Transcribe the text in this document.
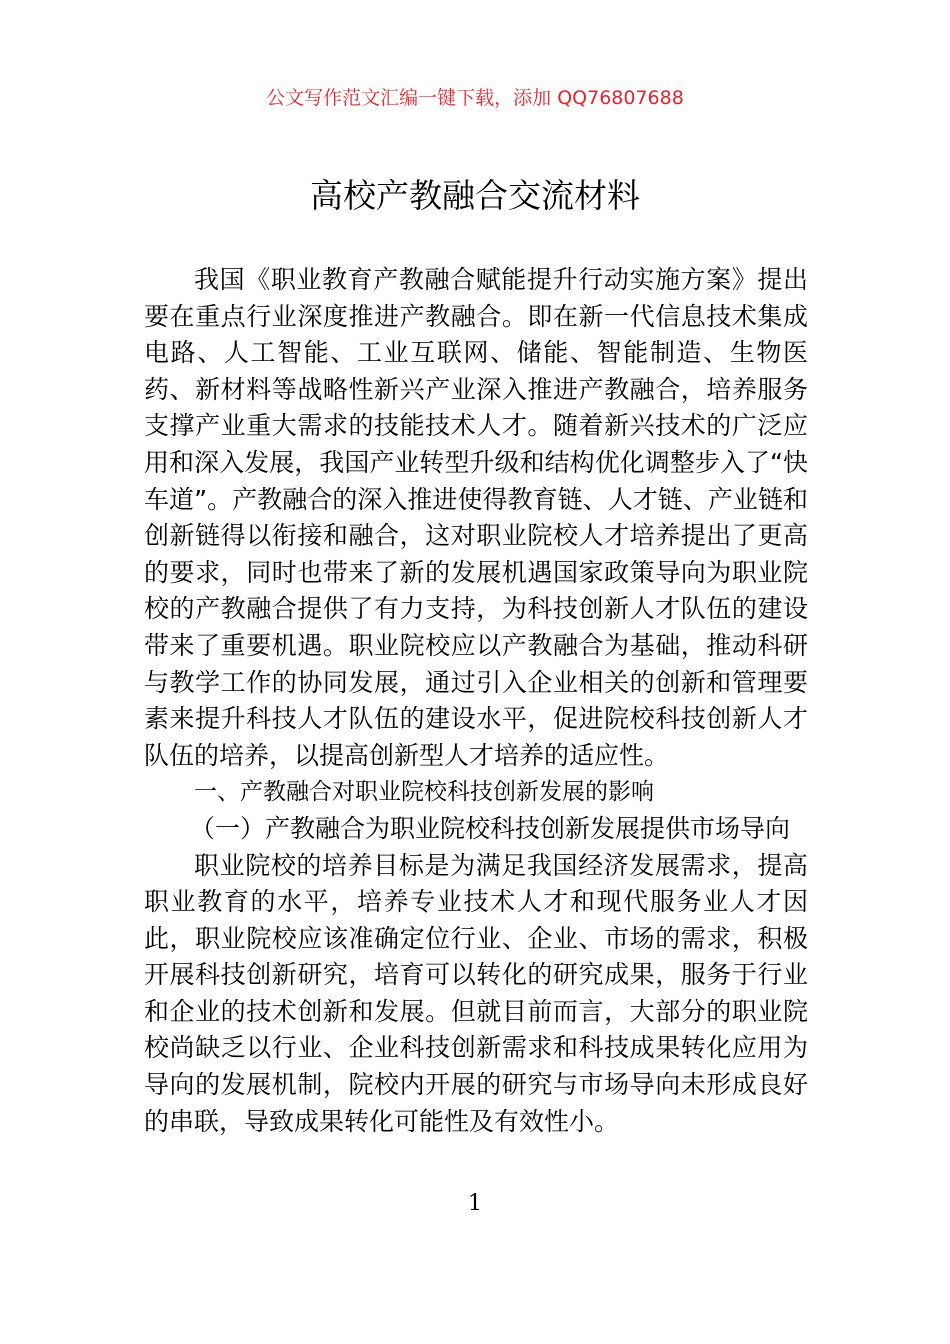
公文写作范文汇编一键下载，添加 QQ76807688
高校产教融合交流材料

我国《职业教育产教融合赋能提升行动实施方案》提出要在重点行业深度推进产教融合。即在新一代信息技术集成电路、人工智能、工业互联网、储能、智能制造、生物医药、新材料等战略性新兴产业深入推进产教融合，培养服务支撑产业重大需求的技能技术人才。随着新兴技术的广泛应用和深入发展，我国产业转型升级和结构优化调整步入了“快车道”。产教融合的深入推进使得教育链、人才链、产业链和创新链得以衔接和融合，这对职业院校人才培养提出了更高的要求，同时也带来了新的发展机遇国家政策导向为职业院校的产教融合提供了有力支持，为科技创新人才队伍的建设带来了重要机遇。职业院校应以产教融合为基础，推动科研与教学工作的协同发展，通过引入企业相关的创新和管理要素来提升科技人才队伍的建设水平，促进院校科技创新人才队伍的培养，以提高创新型人才培养的适应性。

一、产教融合对职业院校科技创新发展的影响

（一）产教融合为职业院校科技创新发展提供市场导向

职业院校的培养目标是为满足我国经济发展需求，提高职业教育的水平，培养专业技术人才和现代服务业人才因此，职业院校应该准确定位行业、企业、市场的需求，积极开展科技创新研究，培育可以转化的研究成果，服务于行业和企业的技术创新和发展。但就目前而言，大部分的职业院校尚缺乏以行业、企业科技创新需求和科技成果转化应用为导向的发展机制，院校内开展的研究与市场导向未形成良好的串联，导致成果转化可能性及有效性小。

1
